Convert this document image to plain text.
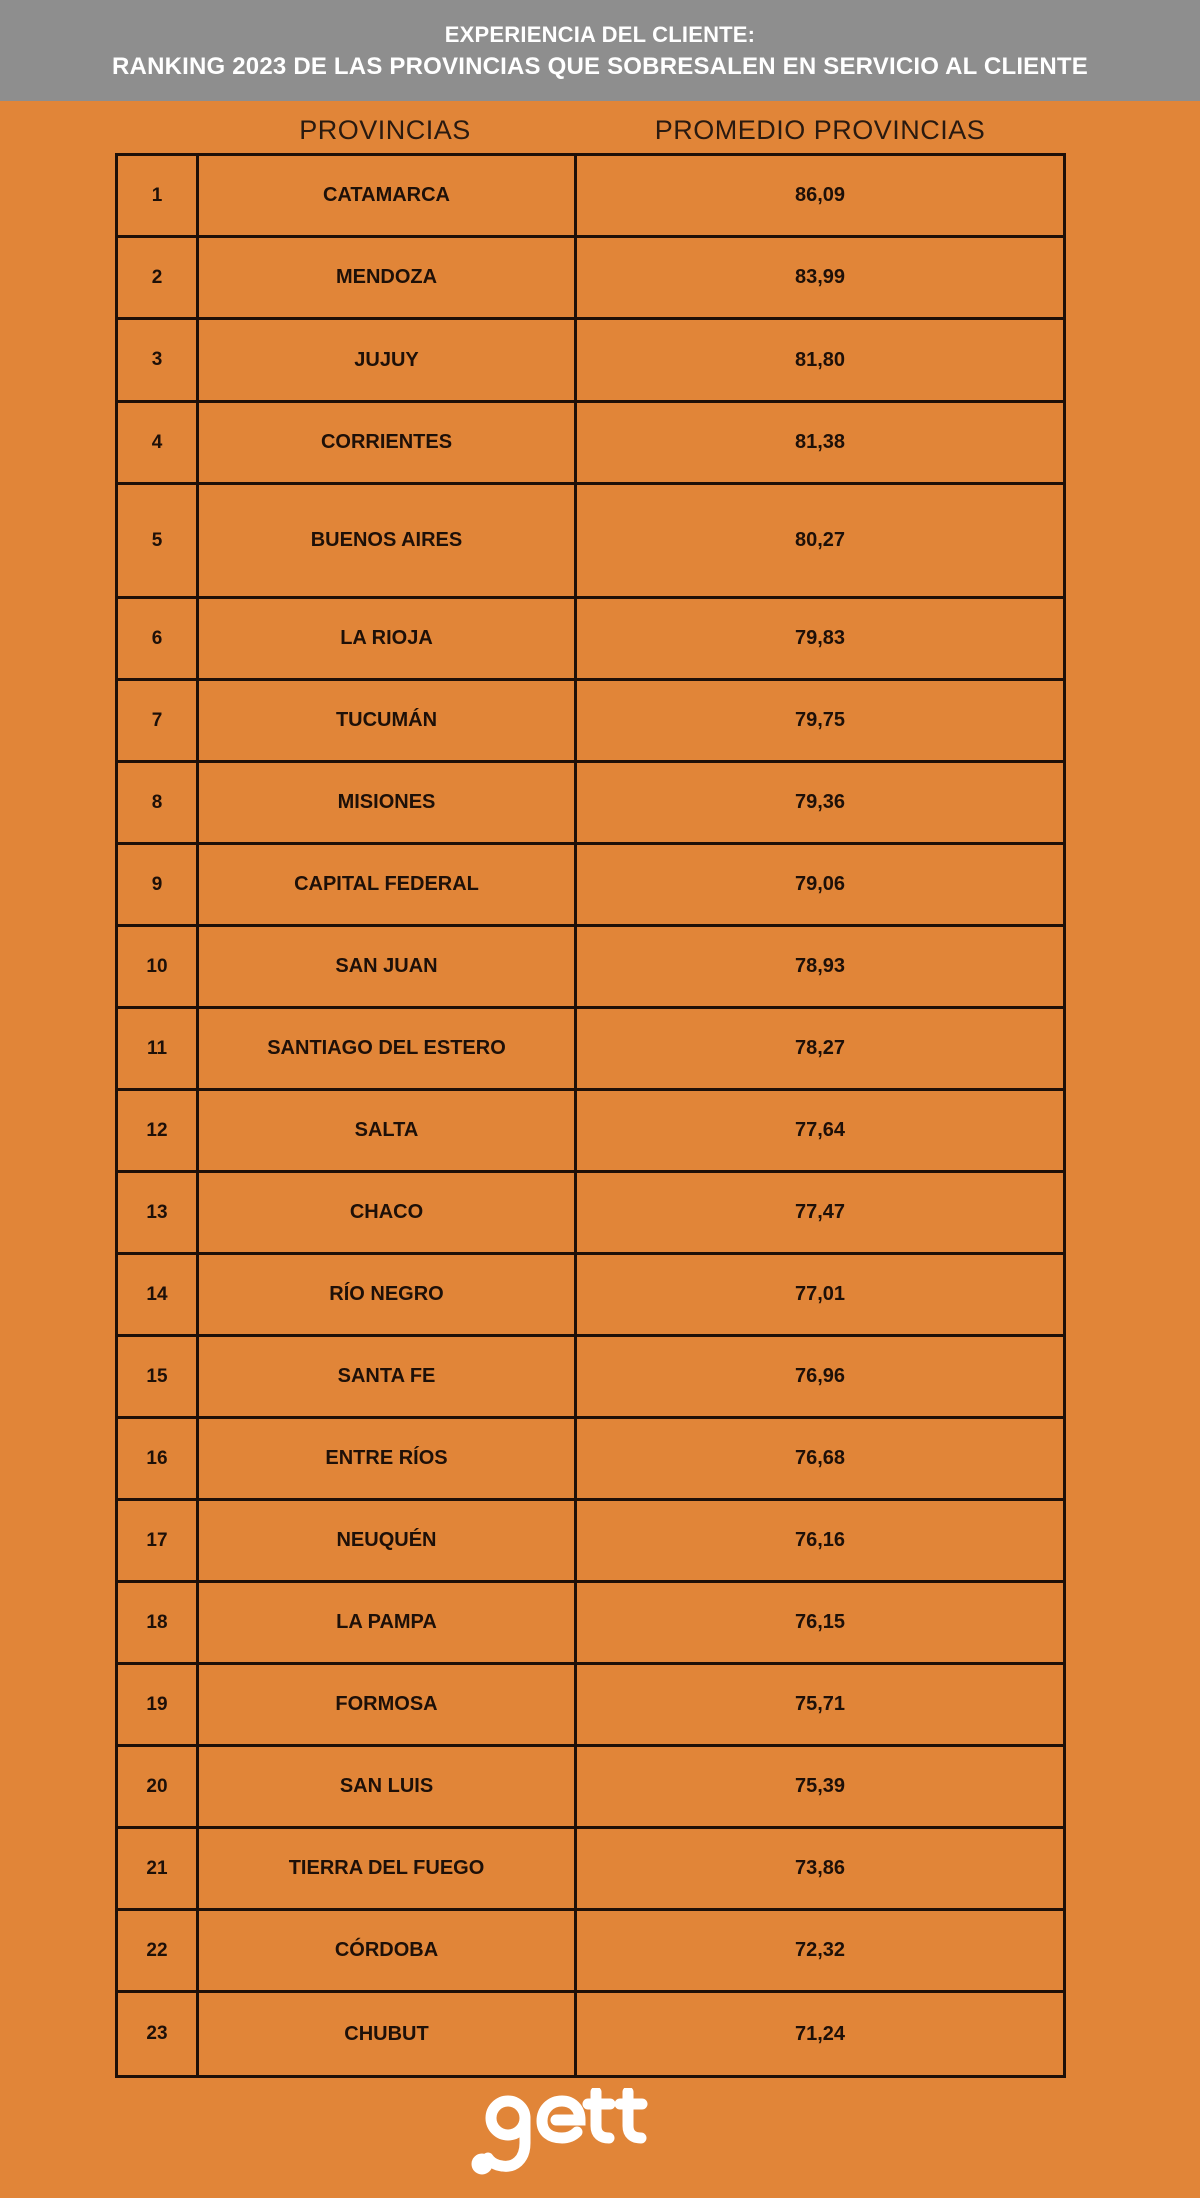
EXPERIENCIA DEL CLIENTE:
RANKING 2023 DE LAS PROVINCIAS QUE SOBRESALEN EN SERVICIO AL CLIENTE
PROVINCIAS	PROMEDIO PROVINCIAS
1	CATAMARCA	86,09
2	MENDOZA	83,99
3	JUJUY	81,80
4	CORRIENTES	81,38
5	BUENOS AIRES	80,27
6	LA RIOJA	79,83
7	TUCUMÁN	79,75
8	MISIONES	79,36
9	CAPITAL FEDERAL	79,06
10	SAN JUAN	78,93
11	SANTIAGO DEL ESTERO	78,27
12	SALTA	77,64
13	CHACO	77,47
14	RÍO NEGRO	77,01
15	SANTA FE	76,96
16	ENTRE RÍOS	76,68
17	NEUQUÉN	76,16
18	LA PAMPA	76,15
19	FORMOSA	75,71
20	SAN LUIS	75,39
21	TIERRA DEL FUEGO	73,86
22	CÓRDOBA	72,32
23	CHUBUT	71,24
